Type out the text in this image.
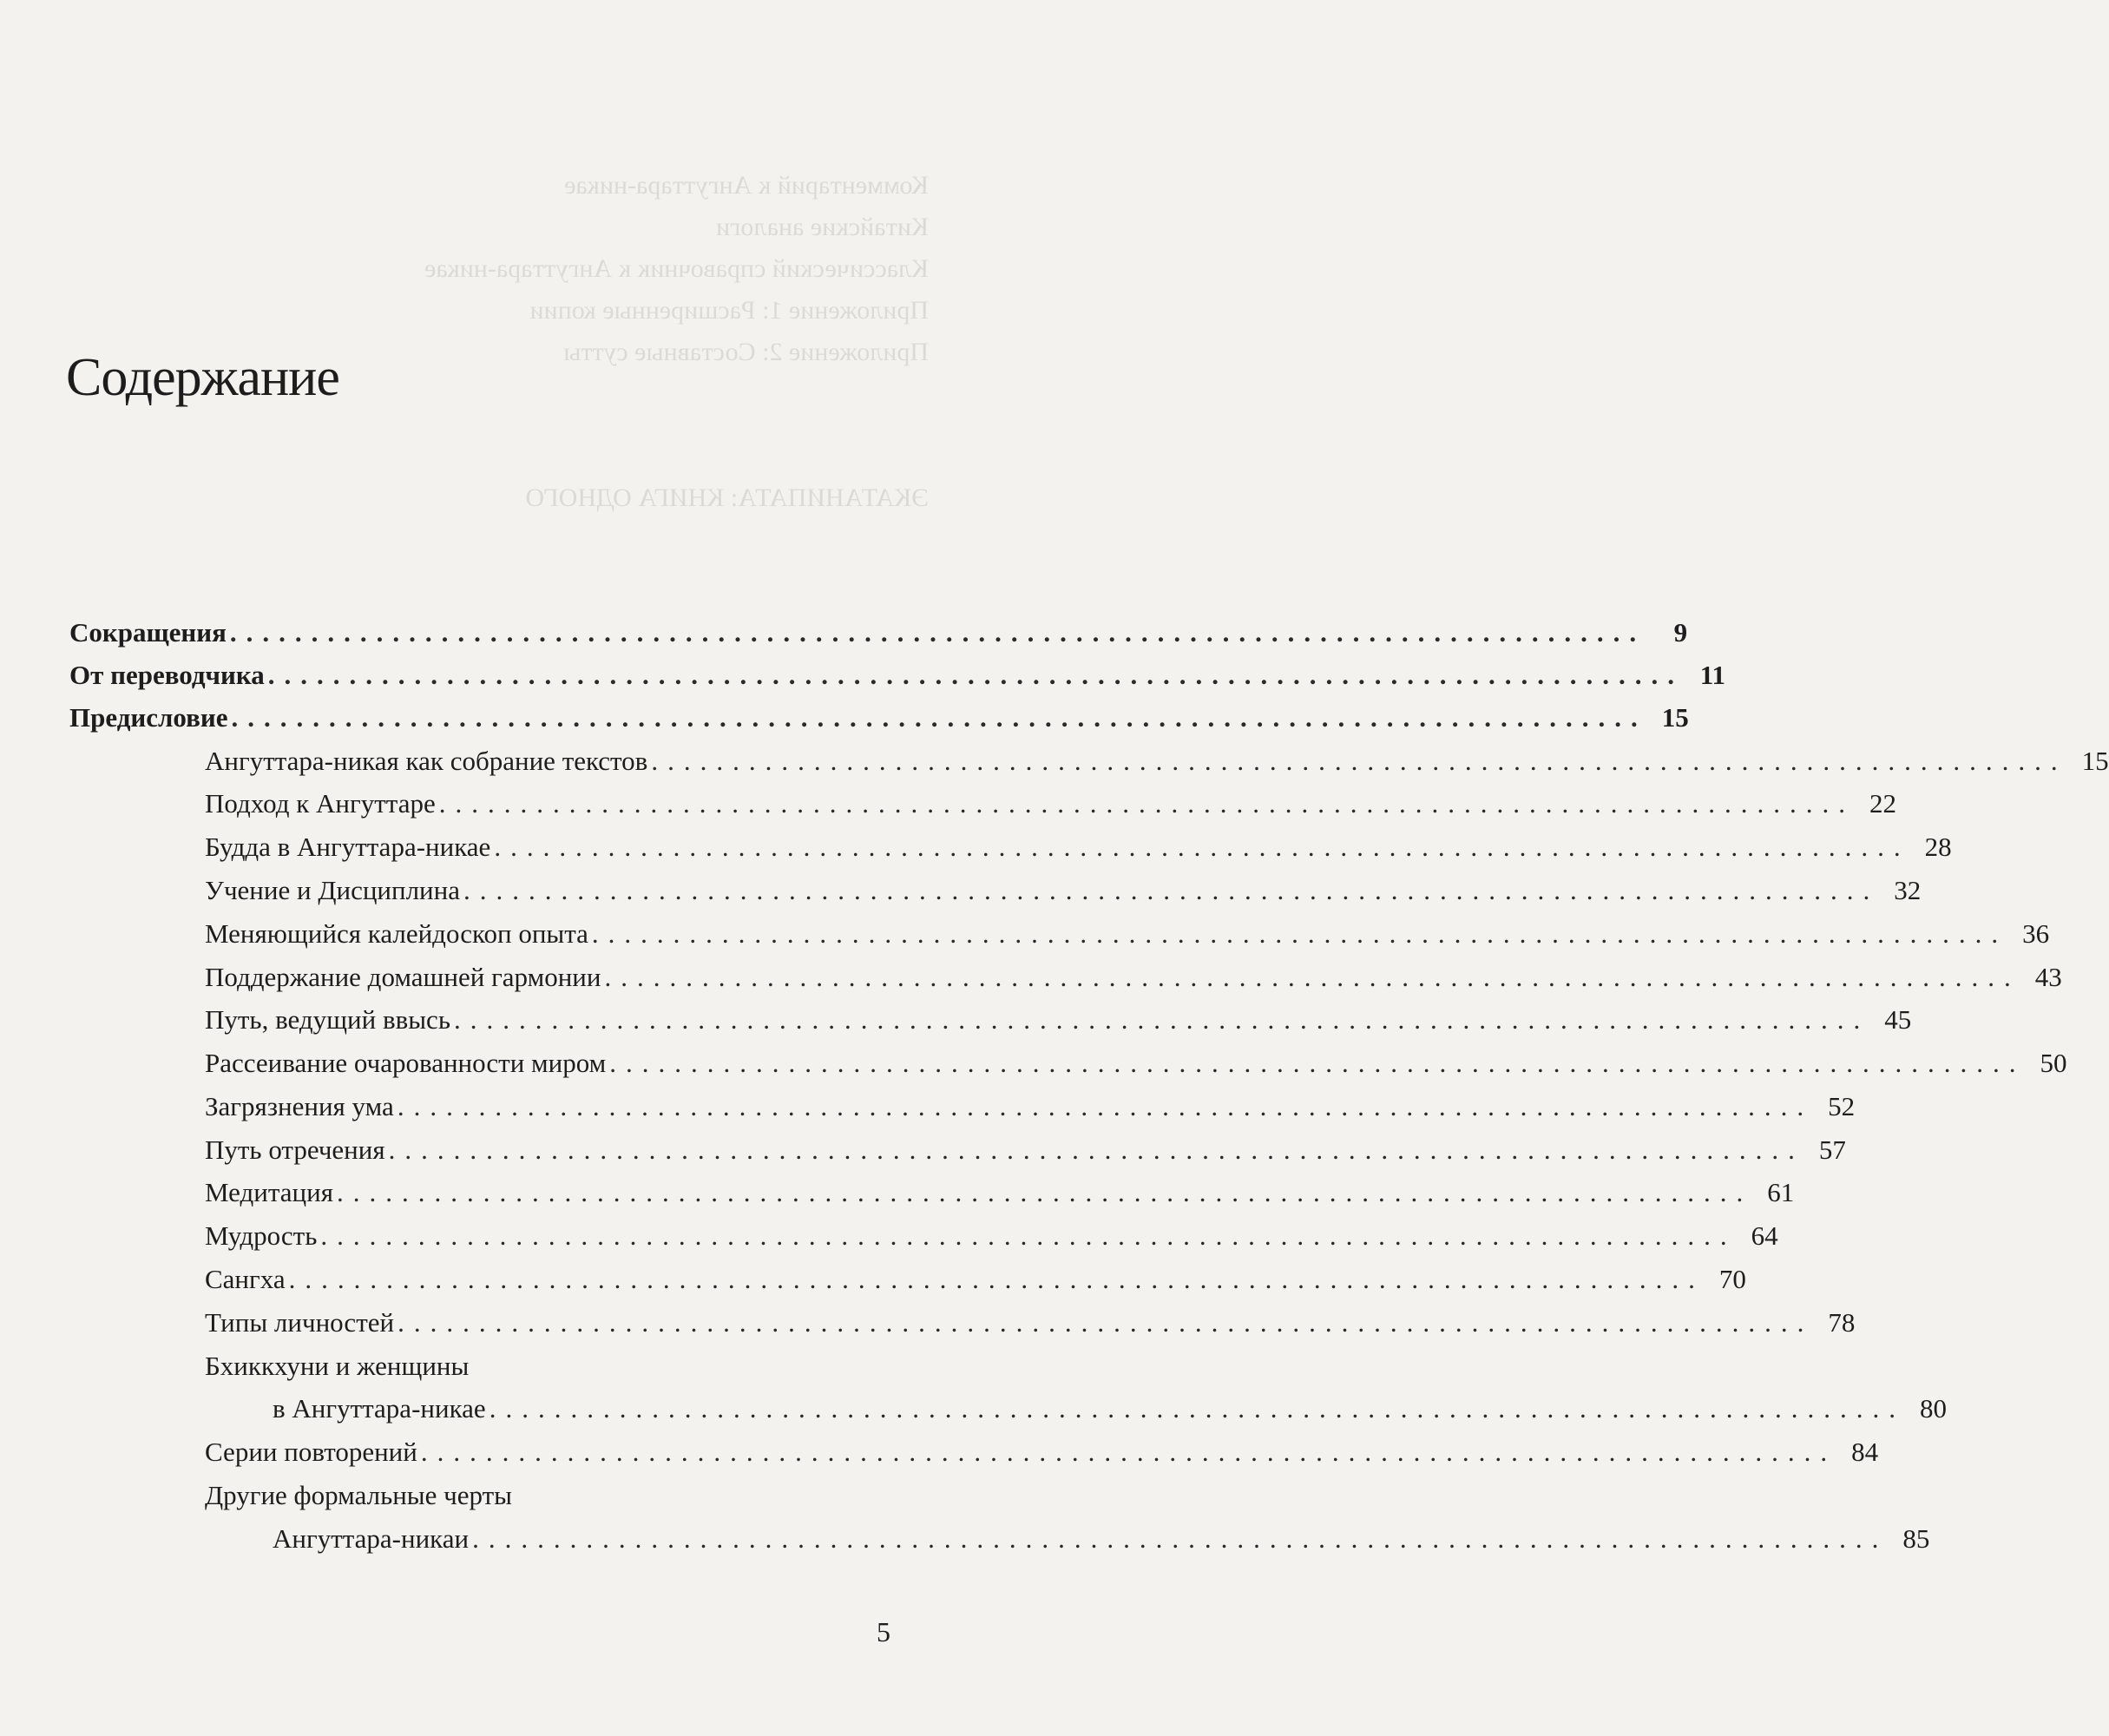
Комментарий к Ангуттара-никае
Китайские аналоги
Классический справочник к Ангуттара-никае
Приложение 1: Расширенные копии
Приложение 2: Составные сутты
ЭКАТАНИПАТА: КНИГА ОДНОГО
Содержание
Сокращения .......................................................................................	9
От переводчика ....................................................................................... 11
Предисловие ....................................................................................... 15
Ангуттара-никая как собрание текстов ....................................................................................... 15
Подход к Ангуттаре ....................................................................................... 22
Будда в Ангуттара-никае ....................................................................................... 28
Учение и Дисциплина ....................................................................................... 32
Меняющийся калейдоскоп опыта ....................................................................................... 36
Поддержание домашней гармонии ....................................................................................... 43
Путь, ведущий ввысь ....................................................................................... 45
Рассеивание очарованности миром ....................................................................................... 50
Загрязнения ума ....................................................................................... 52
Путь отречения ....................................................................................... 57
Медитация ....................................................................................... 61
Мудрость ....................................................................................... 64
Сангха ....................................................................................... 70
Типы личностей ....................................................................................... 78
Бхиккхуни и женщины
в Ангуттара-никае ....................................................................................... 80
Серии повторений ....................................................................................... 84
Другие формальные черты
Ангуттара-никаи ....................................................................................... 85
5
